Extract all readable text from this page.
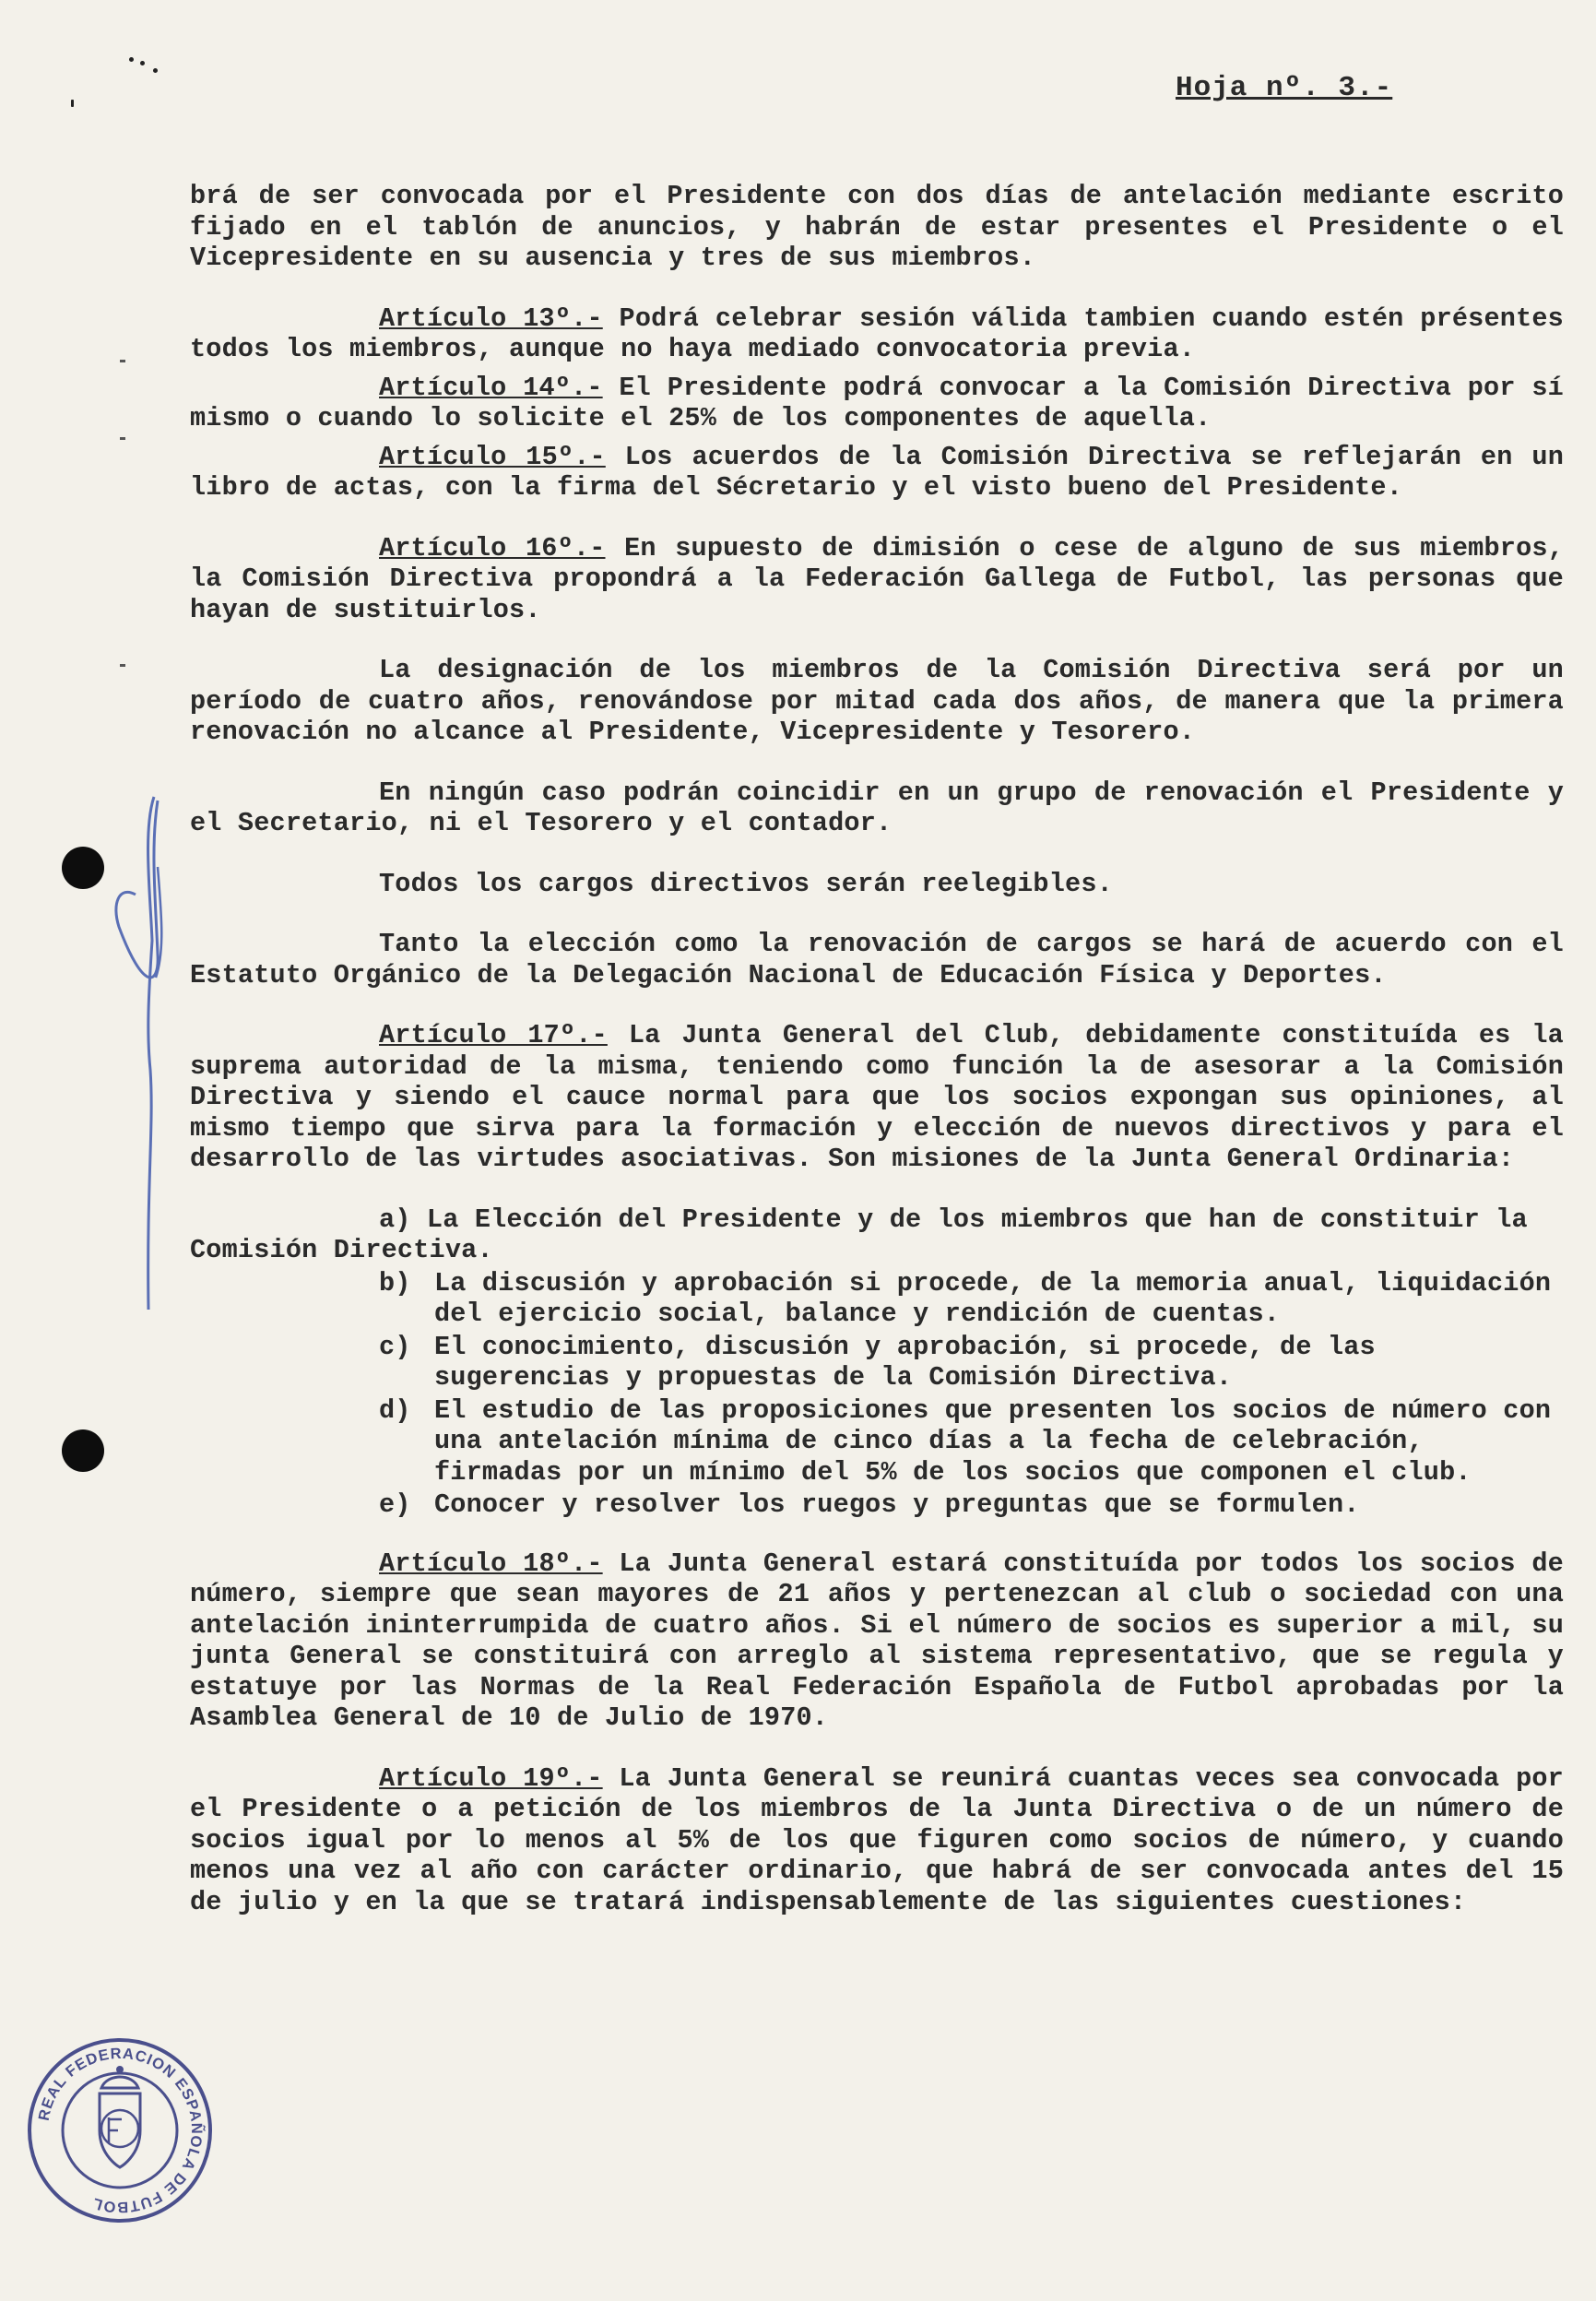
Hoja nº. 3.-
brá de ser convocada por el Presidente con dos días de antelación mediante escrito fijado en el tablón de anuncios, y habrán de estar presentes el Presidente o el Vicepresidente en su ausencia y tres de sus miembros.
Artículo 13º.- Podrá celebrar sesión válida tambien cuando estén présentes todos los miembros, aunque no haya mediado convocatoria previa.
Artículo 14º.- El Presidente podrá convocar a la Comisión Directiva por sí mismo o cuando lo solicite el 25% de los componentes de aquella.
Artículo 15º.- Los acuerdos de la Comisión Directiva se reflejarán en un libro de actas, con la firma del Sécretario y el visto bueno del Presidente.
Artículo 16º.- En supuesto de dimisión o cese de alguno de sus miembros, la Comisión Directiva propondrá a la Federación Gallega de Futbol, las personas que hayan de sustituirlos.
La designación de los miembros de la Comisión Directiva será por un período de cuatro años, renovándose por mitad cada dos años, de manera que la primera renovación no alcance al Presidente, Vicepresidente y Tesorero.
En ningún caso podrán coincidir en un grupo de renovación el Presidente y el Secretario, ni el Tesorero y el contador.
Todos los cargos directivos serán reelegibles.
Tanto la elección como la renovación de cargos se hará de acuerdo con el Estatuto Orgánico de la Delegación Nacional de Educación Física y Deportes.
Artículo 17º.- La Junta General del Club, debidamente constituída es la suprema autoridad de la misma, teniendo como función la de asesorar a la Comisión Directiva y siendo el cauce normal para que los socios expongan sus opiniones, al mismo tiempo que sirva para la formación y elección de nuevos directivos y para el desarrollo de las virtudes asociativas. Son misiones de la Junta General Ordinaria:
a) La Elección del Presidente y de los miembros que han de constituir la Comisión Directiva.
b) La discusión y aprobación si procede, de la memoria anual, liquidación del ejercicio social, balance y rendición de cuentas.
c) El conocimiento, discusión y aprobación, si procede, de las sugerencias y propuestas de la Comisión Directiva.
d) El estudio de las proposiciones que presenten los socios de número con una antelación mínima de cinco días a la fecha de celebración, firmadas por un mínimo del 5% de los socios que componen el club.
e) Conocer y resolver los ruegos y preguntas que se formulen.
Artículo 18º.- La Junta General estará constituída por todos los socios de número, siempre que sean mayores de 21 años y pertenezcan al club o sociedad con una antelación ininterrumpida de cuatro años. Si el número de socios es superior a mil, su junta General se constituirá con arreglo al sistema representativo, que se regula y estatuye por las Normas de la Real Federación Española de Futbol aprobadas por la Asamblea General de 10 de Julio de 1970.
Artículo 19º.- La Junta General se reunirá cuantas veces sea convocada por el Presidente o a petición de los miembros de la Junta Directiva o de un número de socios igual por lo menos al 5% de los que figuren como socios de número, y cuando menos una vez al año con carácter ordinario, que habrá de ser convocada antes del 15 de julio y en la que se tratará indispensablemente de las siguientes cuestiones:
REAL FEDERACION ESPAÑOLA DE FUTBOL
